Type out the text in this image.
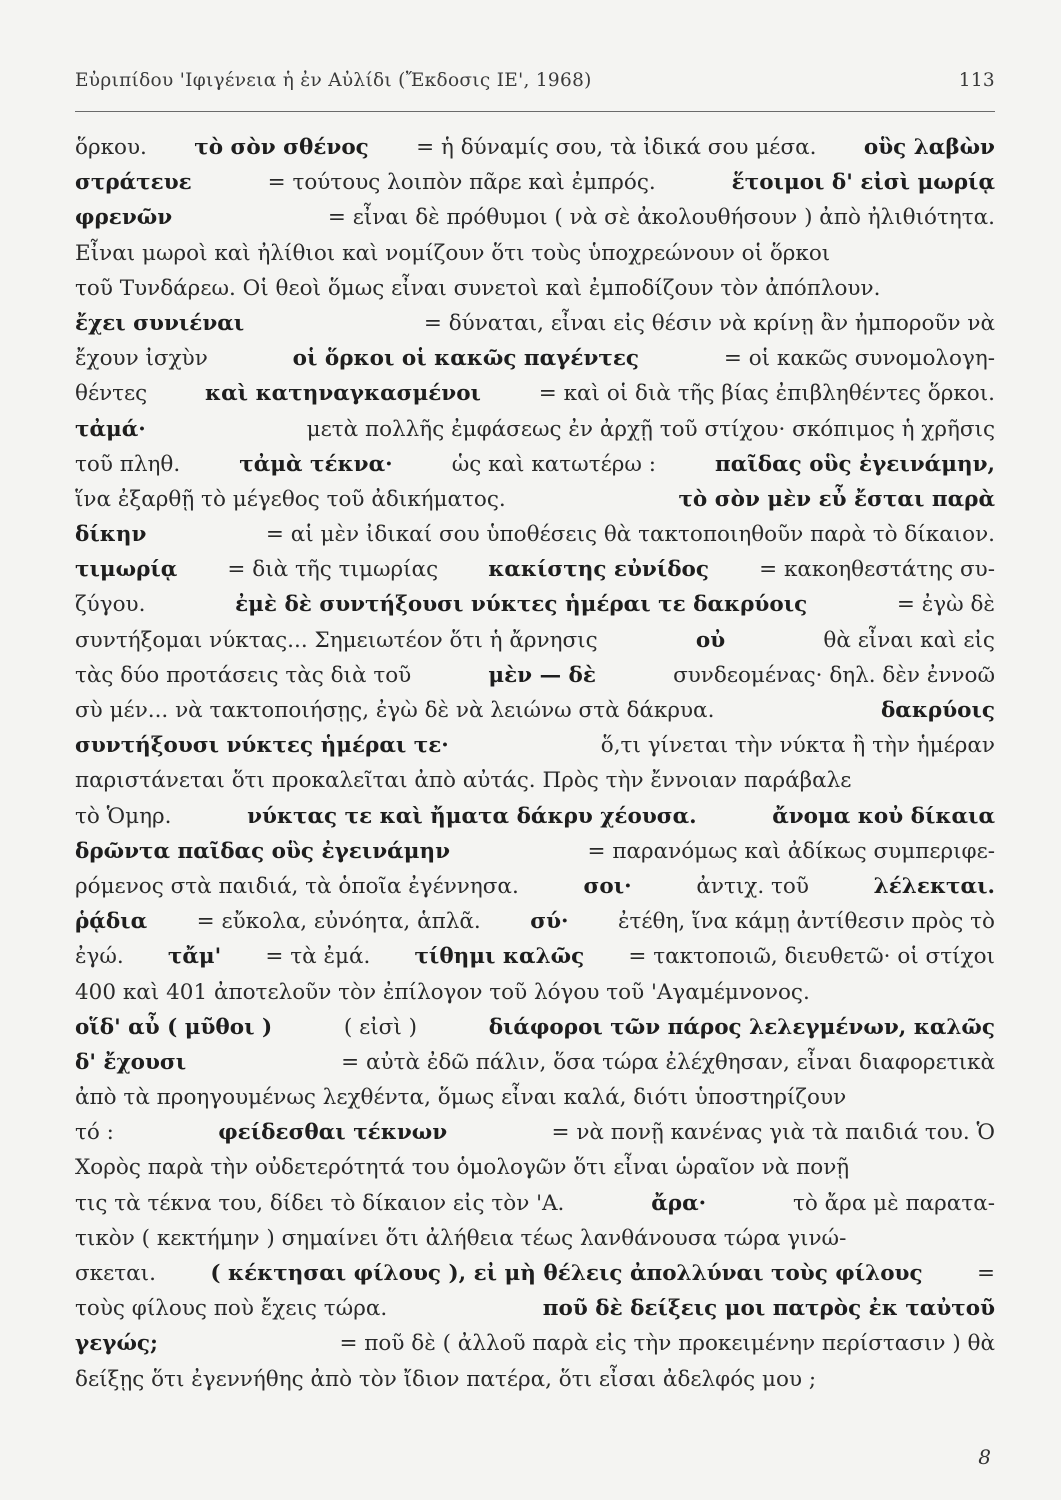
Εὐριπίδου 'Ιφιγένεια ἡ ἐν Αὐλίδι (Ἔκδοσις ΙΕ', 1968)	113
ὅρκου. τὸ σὸν σθένος = ἡ δύναμίς σου, τὰ ἰδικά σου μέσα. οὓς λαβὼν
στράτευε	= τούτους λοιπὸν πᾶρε καὶ ἐμπρός.	ἕτοιμοι δ' εἰσὶ μωρίᾳ
φρενῶν	= εἶναι δὲ πρόθυμοι ( νὰ σὲ ἀκολουθήσουν ) ἀπὸ ἠλιθιότητα.
Εἶναι μωροὶ καὶ ἠλίθιοι καὶ νομίζουν ὅτι τοὺς ὑποχρεώνουν οἱ ὅρκοι
τοῦ Τυνδάρεω. Οἱ θεοὶ ὅμως εἶναι συνετοὶ καὶ ἐμποδίζουν τὸν ἀπόπλουν.
ἔχει συνιέναι	= δύναται, εἶναι εἰς θέσιν νὰ κρίνῃ ἂν ἠμποροῦν νὰ
ἔχουν ἰσχὺν	οἱ ὅρκοι οἱ κακῶς παγέντες	= οἱ κακῶς συνομολογη-
θέντες	καὶ κατηναγκασμένοι	= καὶ οἱ διὰ τῆς βίας ἐπιβληθέντες ὅρκοι.
τἀμά·	μετὰ πολλῆς ἐμφάσεως ἐν ἀρχῇ τοῦ στίχου· σκόπιμος ἡ χρῆσις
τοῦ πληθ.	τἀμὰ τέκνα·	ὡς καὶ κατωτέρω :	παῖδας οὓς ἐγεινάμην,
ἵνα ἐξαρθῇ τὸ μέγεθος τοῦ ἀδικήματος.	τὸ σὸν μὲν εὖ ἔσται παρὰ
δίκην	= αἱ μὲν ἰδικαί σου ὑποθέσεις θὰ τακτοποιηθοῦν παρὰ τὸ δίκαιον.
τιμωρίᾳ = διὰ τῆς τιμωρίας κακίστης εὐνίδος = κακοηθεστάτης συ-
ζύγου.	ἐμὲ δὲ συντήξουσι νύκτες ἡμέραι τε δακρύοις	= ἐγὼ δὲ
συντήξομαι νύκτας... Σημειωτέον ὅτι ἡ ἄρνησις	οὐ	θὰ εἶναι καὶ εἰς
τὰς δύο προτάσεις τὰς διὰ τοῦ	μὲν — δὲ	συνδεομένας· δηλ. δὲν ἐννοῶ
σὺ μέν... νὰ τακτοποιήσῃς, ἐγὼ δὲ νὰ λειώνω στὰ δάκρυα.	δακρύοις
συντήξουσι νύκτες ἡμέραι τε·	ὅ,τι γίνεται τὴν νύκτα ἢ τὴν ἡμέραν
παριστάνεται ὅτι προκαλεῖται ἀπὸ αὐτάς. Πρὸς τὴν ἔννοιαν παράβαλε
τὸ Ὁμηρ.	νύκτας τε καὶ ἤματα δάκρυ χέουσα.	ἄνομα κοὐ δίκαια
δρῶντα παῖδας οὓς ἐγεινάμην	= παρανόμως καὶ ἀδίκως συμπεριφε-
ρόμενος στὰ παιδιά, τὰ ὁποῖα ἐγέννησα.	σοι·	ἀντιχ. τοῦ	λέλεκται.
ῥᾴδια = εὔκολα, εὐνόητα, ἁπλᾶ. σύ· ἐτέθη, ἵνα κάμῃ ἀντίθεσιν πρὸς τὸ
ἐγώ. τἄμ' = τὰ ἐμά. τίθημι καλῶς = τακτοποιῶ, διευθετῶ· οἱ στίχοι
400 καὶ 401 ἀποτελοῦν τὸν ἐπίλογον τοῦ λόγου τοῦ 'Αγαμέμνονος.
οἵδ' αὖ ( μῦθοι )	( εἰσὶ )	διάφοροι τῶν πάρος λελεγμένων, καλῶς
δ' ἔχουσι	= αὐτὰ ἐδῶ πάλιν, ὅσα τώρα ἐλέχθησαν, εἶναι διαφορετικὰ
ἀπὸ τὰ προηγουμένως λεχθέντα, ὅμως εἶναι καλά, διότι ὑποστηρίζουν
τό :	φείδεσθαι τέκνων	= νὰ πονῇ κανένας γιὰ τὰ παιδιά του. Ὁ
Χορὸς παρὰ τὴν οὐδετερότητά του ὁμολογῶν ὅτι εἶναι ὡραῖον νὰ πονῇ
τις τὰ τέκνα του, δίδει τὸ δίκαιον εἰς τὸν 'Α.	ἄρα·	τὸ ἄρα μὲ παρατα-
τικὸν ( κεκτήμην ) σημαίνει ὅτι ἀλήθεια τέως λανθάνουσα τώρα γινώ-
σκεται.	( κέκτησαι φίλους ), εἰ μὴ θέλεις ἀπολλύναι τοὺς φίλους	=
τοὺς φίλους ποὺ ἔχεις τώρα.	ποῦ δὲ δείξεις μοι πατρὸς ἐκ ταὐτοῦ
γεγώς;	= ποῦ δὲ ( ἀλλοῦ παρὰ εἰς τὴν προκειμένην περίστασιν ) θὰ
δείξῃς ὅτι ἐγεννήθης ἀπὸ τὸν ἴδιον πατέρα, ὅτι εἶσαι ἀδελφός μου ;
8
